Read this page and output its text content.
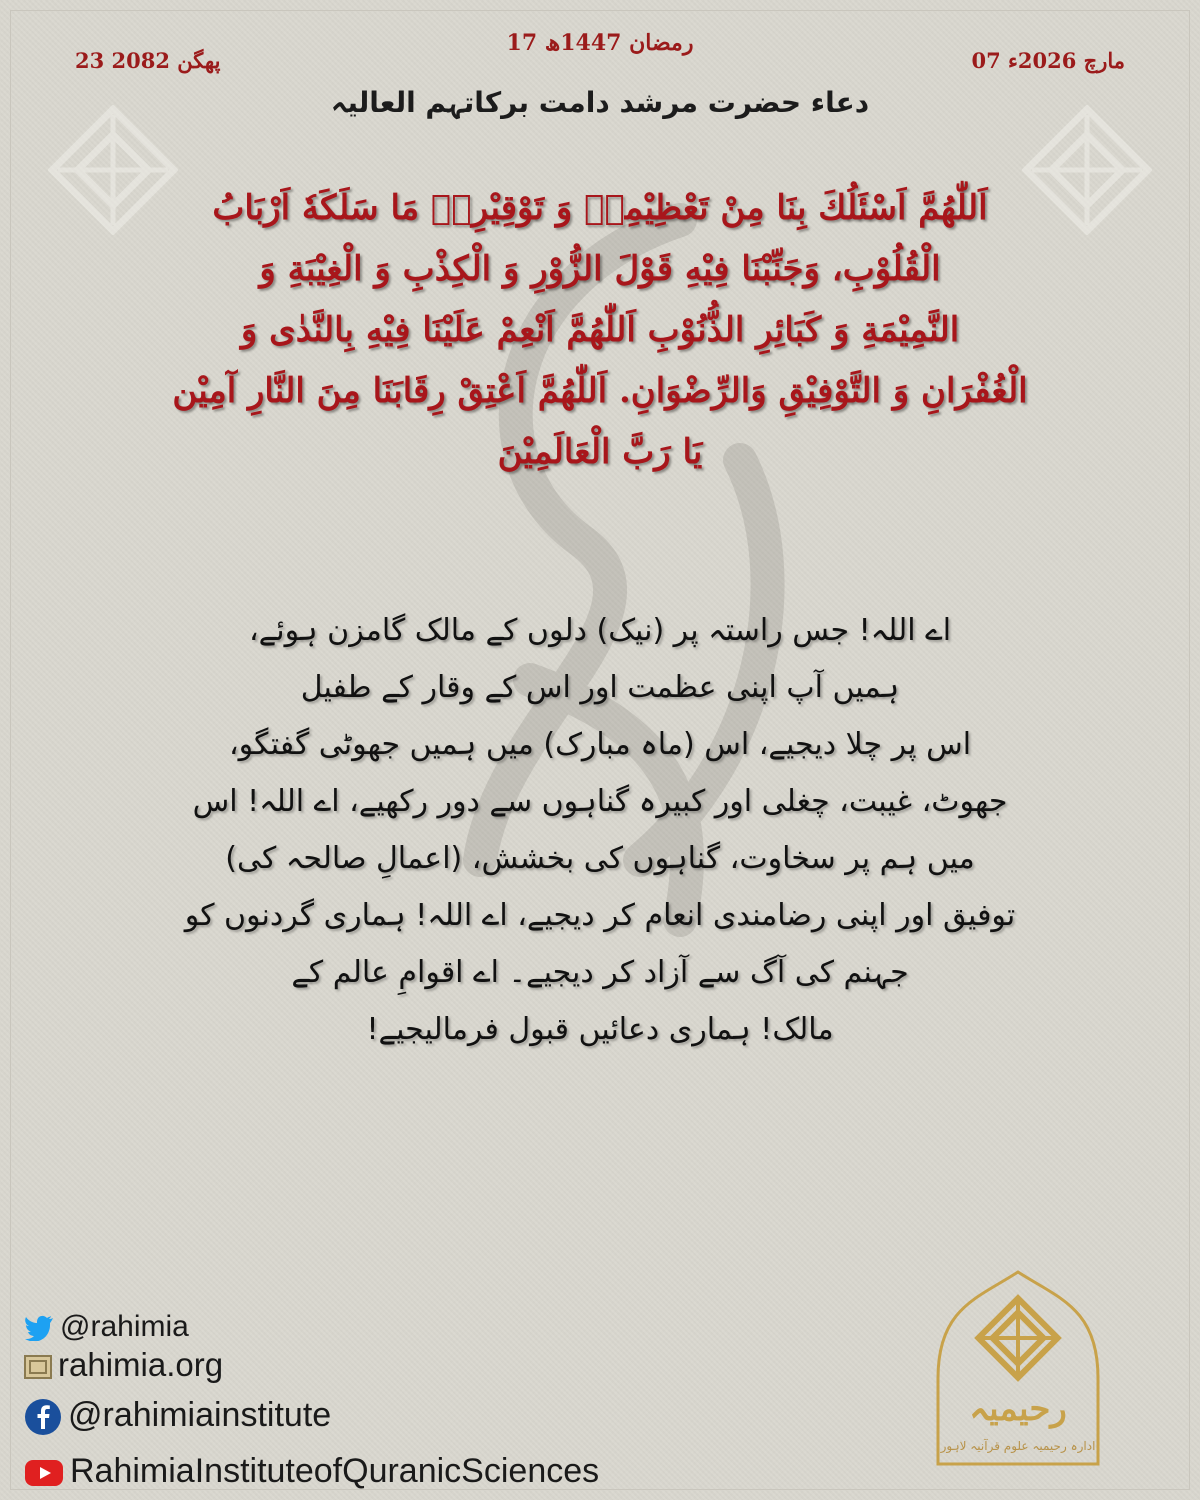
17 رمضان 1447ھ
07 مارچ 2026ء
23 پھگن 2082
دعاء حضرت مرشد دامت برکاتہم العالیہ
اَللّٰهُمَّ اَسْئَلُكَ بِنَا مِنْ تَعْظِيْمِهٖ وَ تَوْقِيْرِهٖ مَا سَلَكَهٗ اَرْبَابُ
الْقُلُوْبِ، وَجَنِّبْنَا فِيْهِ قَوْلَ الزُّوْرِ وَ الْكِذْبِ وَ الْغِيْبَةِ وَ
النَّمِيْمَةِ وَ كَبَائِرِ الذُّنُوْبِ اَللّٰهُمَّ اَنْعِمْ عَلَيْنَا فِيْهِ بِالنَّدٰى وَ
الْغُفْرَانِ وَ التَّوْفِيْقِ وَالرِّضْوَانِ. اَللّٰهُمَّ اَعْتِقْ رِقَابَنَا مِنَ النَّارِ آمِيْن
يَا رَبَّ الْعَالَمِيْنَ
اے اللہ! جس راستہ پر (نیک) دلوں کے مالک گامزن ہوئے،
ہمیں آپ اپنی عظمت اور اس کے وقار کے طفیل
اس پر چلا دیجیے، اس (ماہ مبارک) میں ہمیں جھوٹی گفتگو،
جھوٹ، غیبت، چغلی اور کبیرہ گناہوں سے دور رکھیے، اے اللہ! اس
میں ہم پر سخاوت، گناہوں کی بخشش، (اعمالِ صالحہ کی)
توفیق اور اپنی رضامندی انعام کر دیجیے، اے اللہ! ہماری گردنوں کو
جہنم کی آگ سے آزاد کر دیجیے۔ اے اقوامِ عالم کے
مالک! ہماری دعائیں قبول فرمالیجیے!
@rahimia
rahimia.org
@rahimiainstitute
RahimiaInstituteofQuranicSciences
رحیمیہ
ادارہ رحیمیہ علوم قرآنیہ لاہور
